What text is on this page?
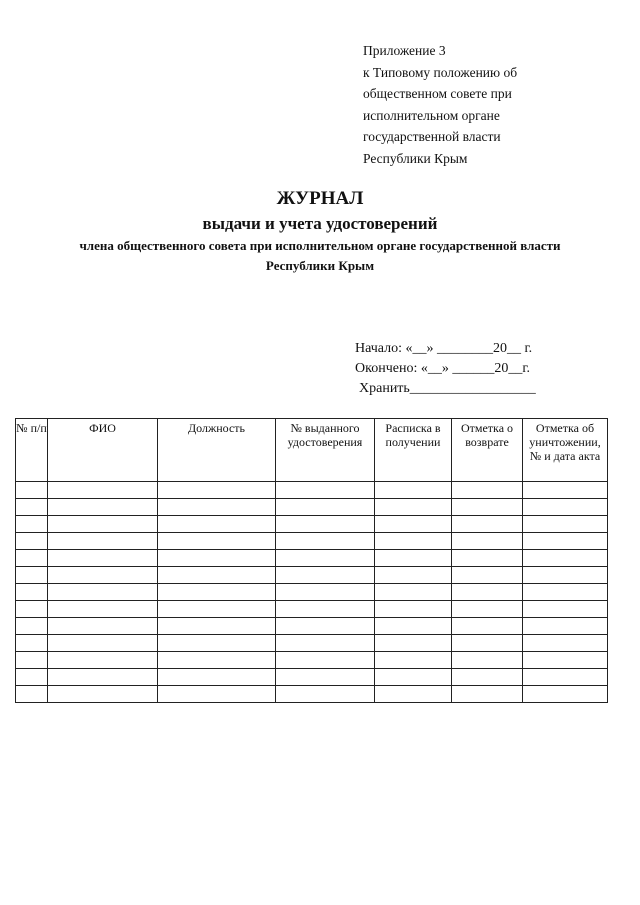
Приложение 3
к Типовому положению об
общественном совете при
исполнительном органе
государственной власти
Республики Крым
ЖУРНАЛ
выдачи и учета удостоверений
члена общественного совета при исполнительном органе государственной власти Республики Крым
Начало: «__» ________20__ г.
Окончено: «__» ______20__г.
Хранить__________________
№ п/п	ФИО	Должность	№ выданного удостоверения	Расписка в получении	Отметка о возврате	Отметка об уничтожении, № и дата акта
